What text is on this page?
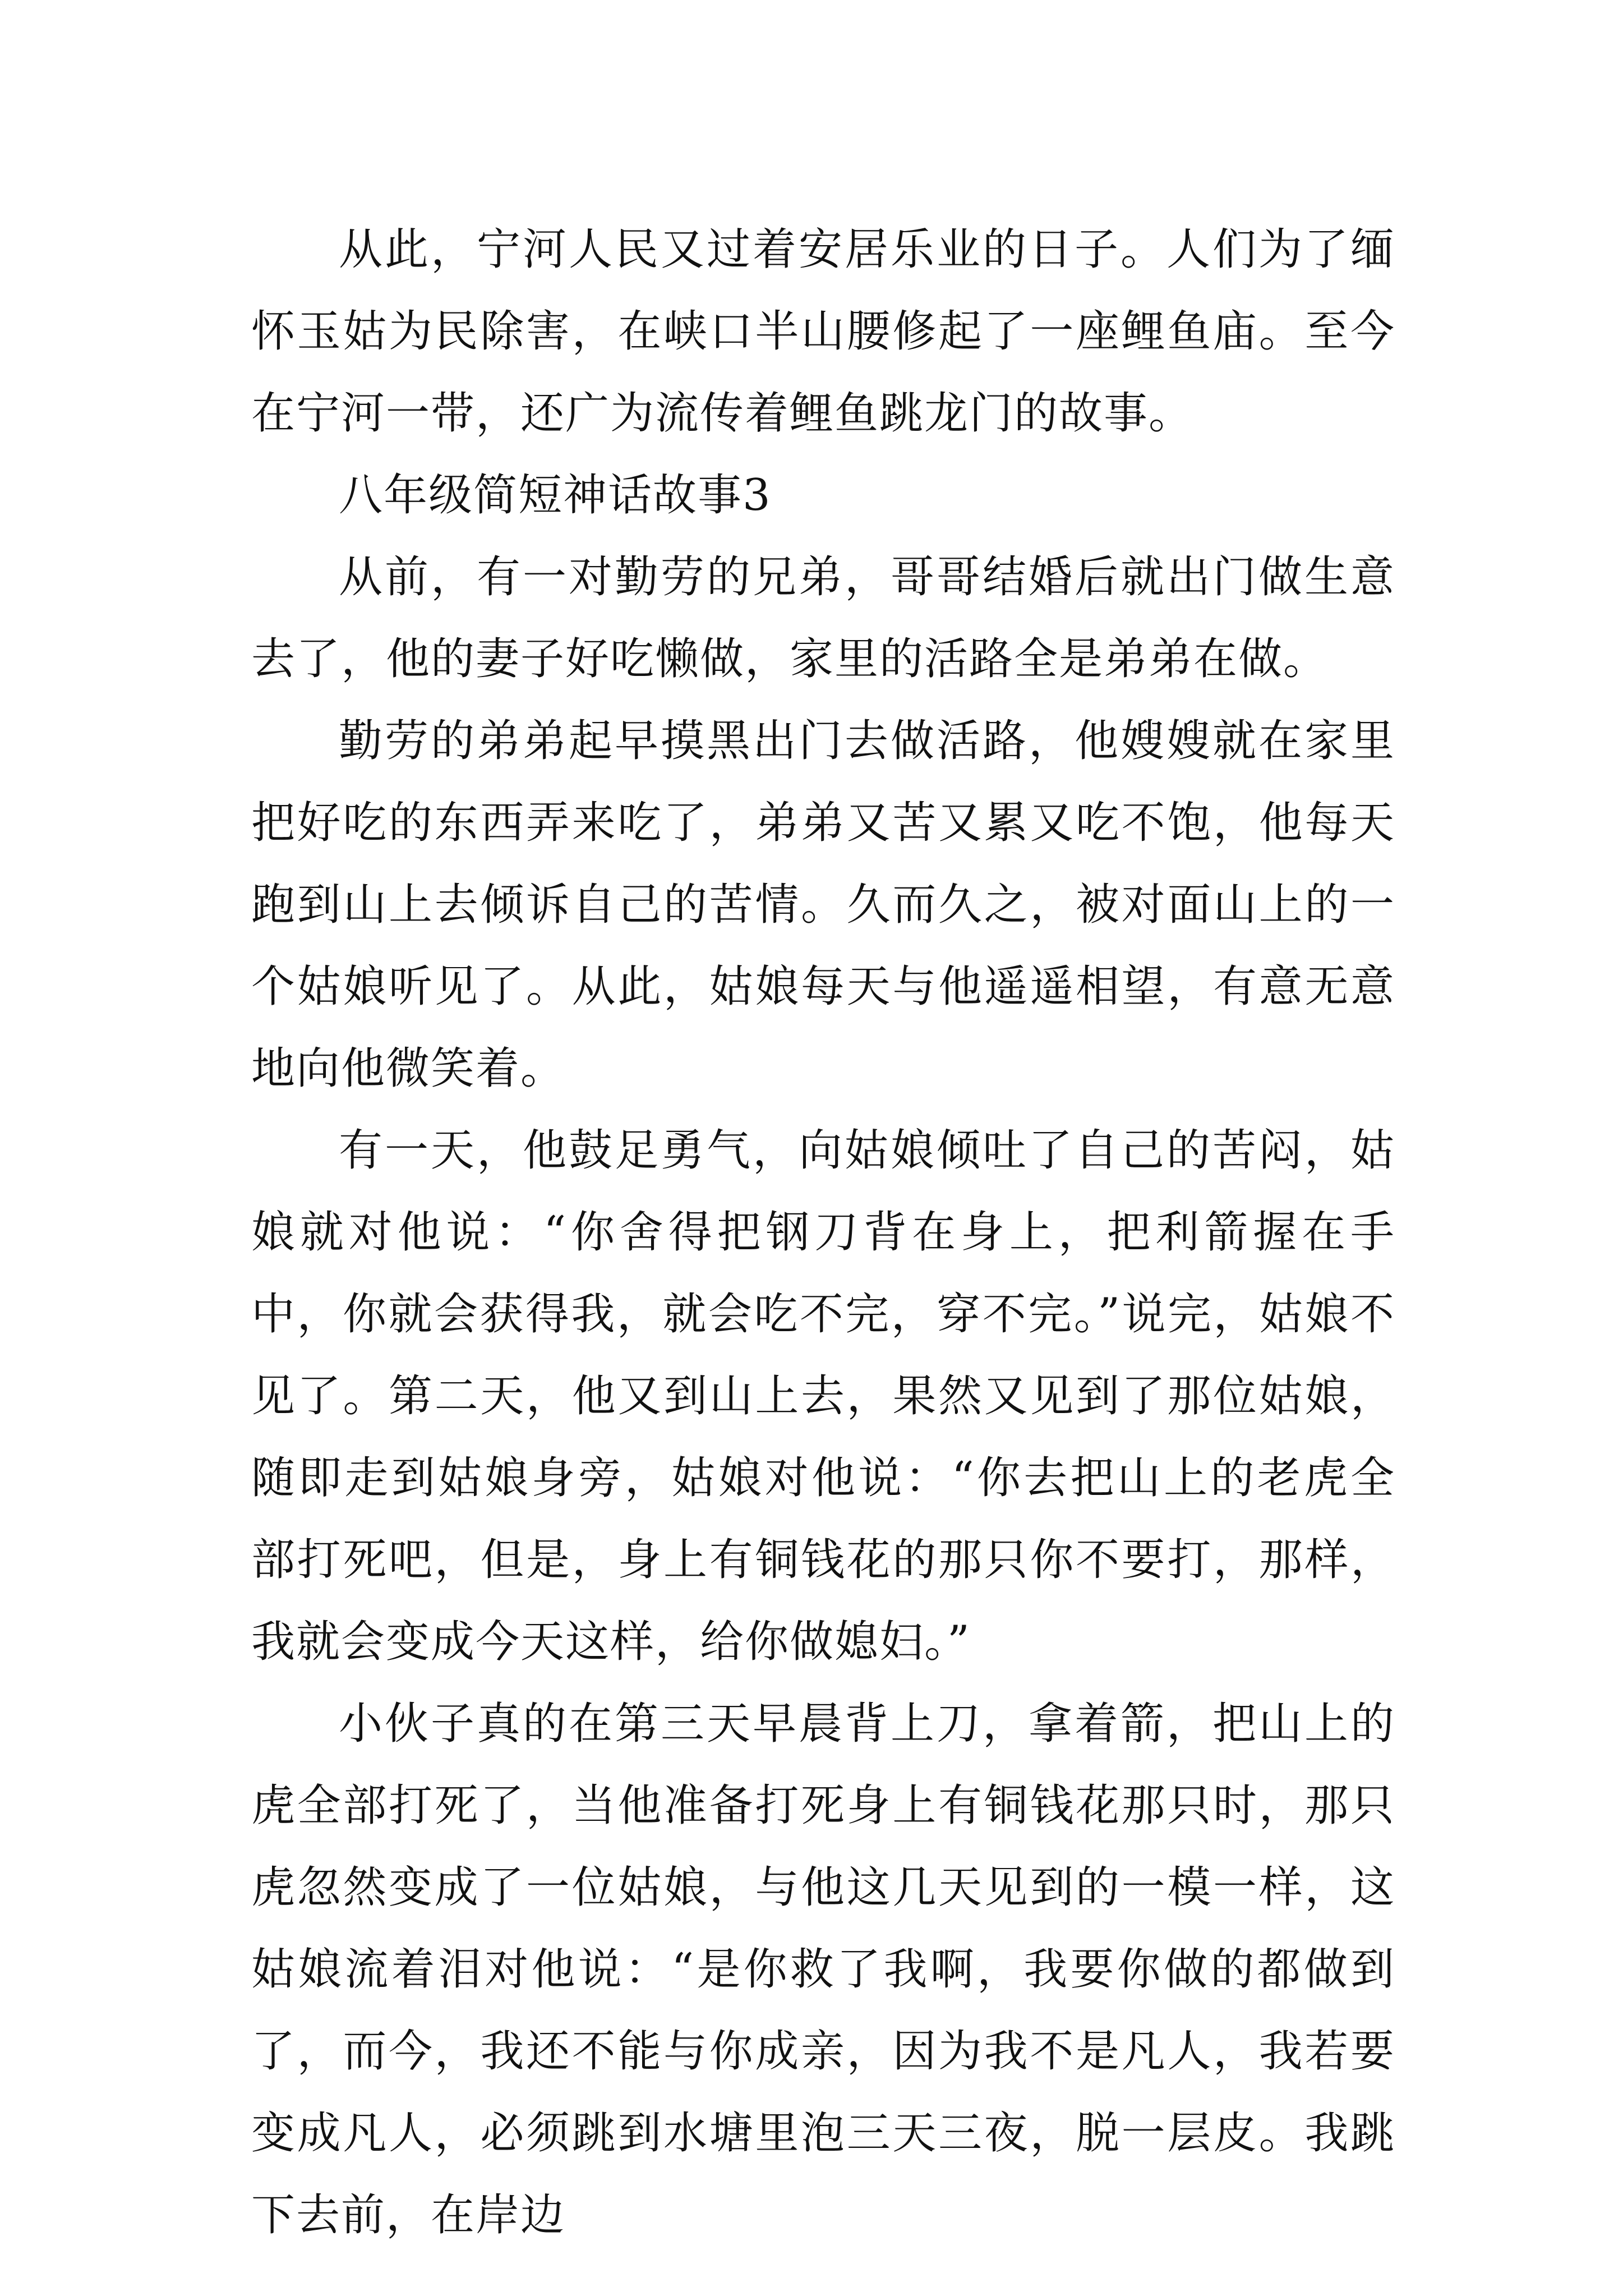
从此，宁河人民又过着安居乐业的日子。人们为了缅怀玉姑为民除害，在峡口半山腰修起了一座鲤鱼庙。至今在宁河一带，还广为流传着鲤鱼跳龙门的故事。

八年级简短神话故事3

从前，有一对勤劳的兄弟，哥哥结婚后就出门做生意去了，他的妻子好吃懒做，家里的活路全是弟弟在做。

勤劳的弟弟起早摸黑出门去做活路，他嫂嫂就在家里把好吃的东西弄来吃了，弟弟又苦又累又吃不饱，他每天跑到山上去倾诉自己的苦情。久而久之，被对面山上的一个姑娘听见了。从此，姑娘每天与他遥遥相望，有意无意地向他微笑着。

有一天，他鼓足勇气，向姑娘倾吐了自己的苦闷，姑娘就对他说：“你舍得把钢刀背在身上，把利箭握在手中，你就会获得我，就会吃不完，穿不完。”说完，姑娘不见了。第二天，他又到山上去，果然又见到了那位姑娘，随即走到姑娘身旁，姑娘对他说：“你去把山上的老虎全部打死吧，但是，身上有铜钱花的那只你不要打，那样，我就会变成今天这样，给你做媳妇。”

小伙子真的在第三天早晨背上刀，拿着箭，把山上的虎全部打死了，当他准备打死身上有铜钱花那只时，那只虎忽然变成了一位姑娘，与他这几天见到的一模一样，这姑娘流着泪对他说：“是你救了我啊，我要你做的都做到了，而今，我还不能与你成亲，因为我不是凡人，我若要变成凡人，必须跳到水塘里泡三天三夜，脱一层皮。我跳下去前，在岸边
